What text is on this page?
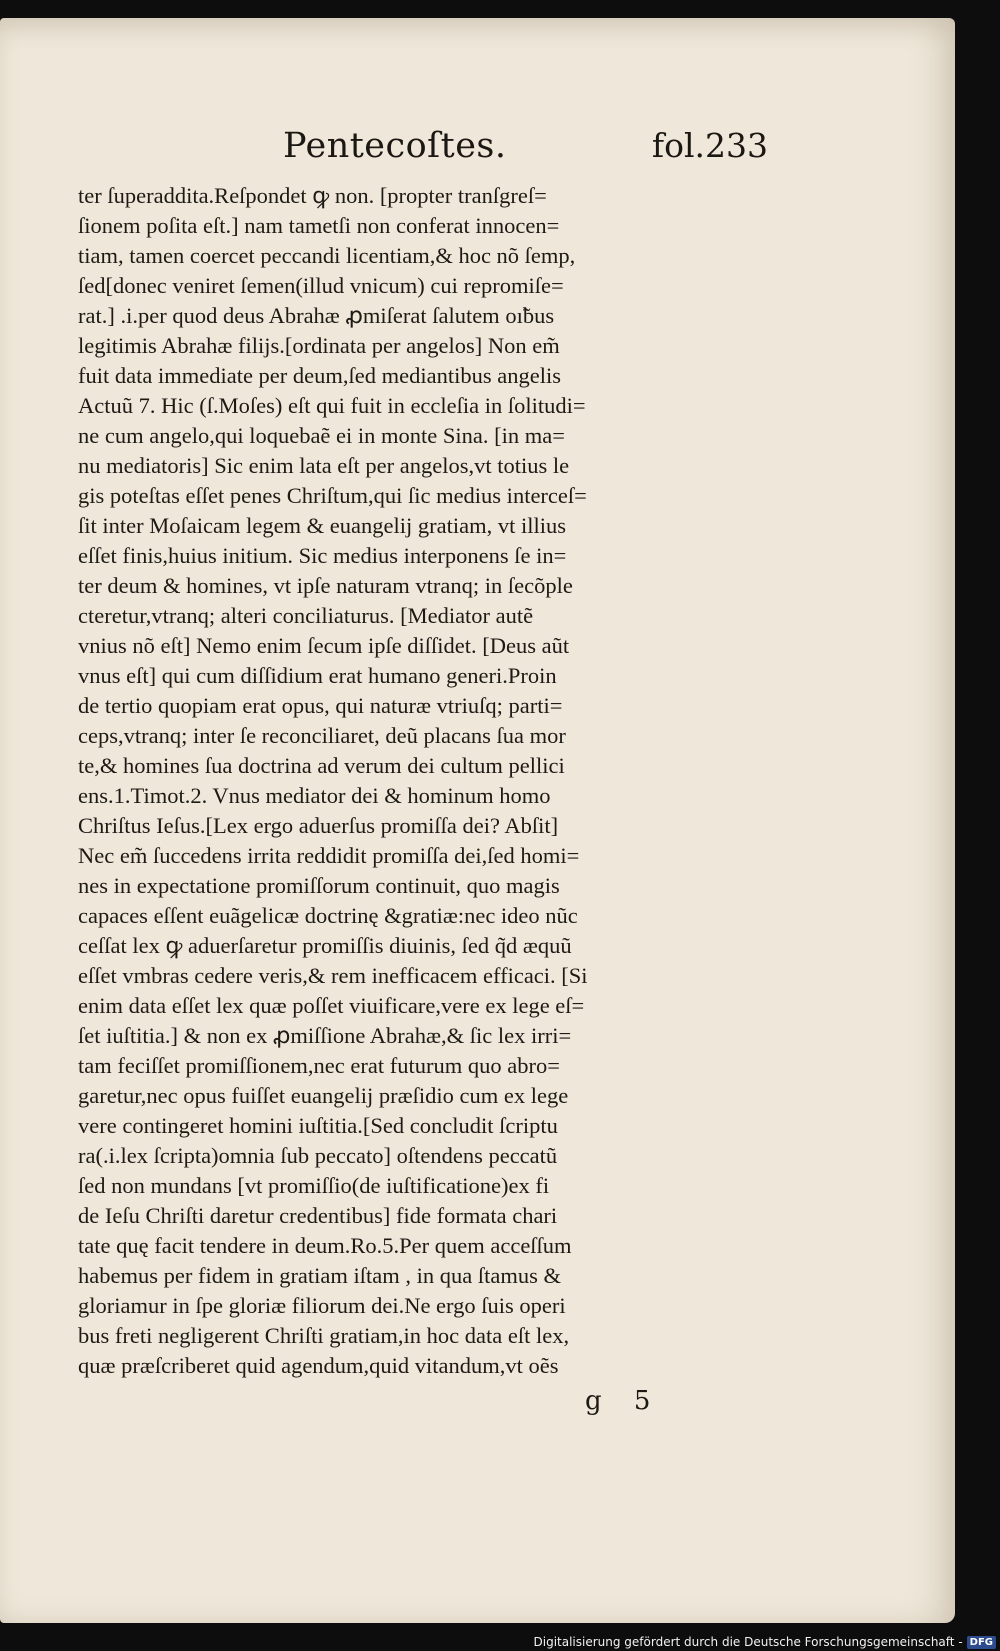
Pentecoſtes.	fol.233
ter ſuperaddita.Reſpondet ꝙ non. [propter tranſgreſ=
ſionem poſita eſt.] nam tametſi non conferat innocen=
tiam, tamen coercet peccandi licentiam,& hoc nõ ſemp,
ſed[donec veniret ſemen(illud vnicum) cui repromiſe=
rat.] .i.per quod deus Abrahæ ꝓmiſerat ſalutem oı̃bus
legitimis Abrahæ filijs.[ordinata per angelos] Non em̃
fuit data immediate per deum,ſed mediantibus angelis
Actuũ 7. Hic (ſ.Moſes) eſt qui fuit in eccleſia in ſolitudi=
ne cum angelo,qui loquebaẽ ei in monte Sina. [in ma=
nu mediatoris] Sic enim lata eſt per angelos,vt totius le
gis poteſtas eſſet penes Chriſtum,qui ſic medius interceſ=
ſit inter Moſaicam legem & euangelij gratiam, vt illius
eſſet finis,huius initium. Sic medius interponens ſe in=
ter deum & homines, vt ipſe naturam vtranq; in ſecõple
cteretur,vtranq; alteri conciliaturus. [Mediator autẽ
vnius nõ eſt] Nemo enim ſecum ipſe diſſidet. [Deus aũt
vnus eſt] qui cum diſſidium erat humano generi.Proin
de tertio quopiam erat opus, qui naturæ vtriuſq; parti=
ceps,vtranq; inter ſe reconciliaret, deũ placans ſua mor
te,& homines ſua doctrina ad verum dei cultum pellici
ens.1.Timot.2. Vnus mediator dei & hominum homo
Chriſtus Ieſus.[Lex ergo aduerſus promiſſa dei? Abſit]
Nec em̃ ſuccedens irrita reddidit promiſſa dei,ſed homi=
nes in expectatione promiſſorum continuit, quo magis
capaces eſſent euãgelicæ doctrinę &gratiæ:nec ideo nũc
ceſſat lex ꝙ aduerſaretur promiſſis diuinis, ſed q̃d æquũ
eſſet vmbras cedere veris,& rem inefficacem efficaci. [Si
enim data eſſet lex quæ poſſet viuificare,vere ex lege eſ=
ſet iuſtitia.] & non ex ꝓmiſſione Abrahæ,& ſic lex irri=
tam feciſſet promiſſionem,nec erat futurum quo abro=
garetur,nec opus fuiſſet euangelij præſidio cum ex lege
vere contingeret homini iuſtitia.[Sed concludit ſcriptu
ra(.i.lex ſcripta)omnia ſub peccato] oſtendens peccatũ
ſed non mundans [vt promiſſio(de iuſtificatione)ex fi
de Ieſu Chriſti daretur credentibus] fide formata chari
tate quę facit tendere in deum.Ro.5.Per quem acceſſum
habemus per fidem in gratiam iſtam , in qua ſtamus &
gloriamur in ſpe gloriæ filiorum dei.Ne ergo ſuis operi
bus freti negligerent Chriſti gratiam,in hoc data eſt lex,
quæ præſcriberet quid agendum,quid vitandum,vt oẽs
g 5
Digitalisierung gefördert durch die Deutsche Forschungsgemeinschaft - DFG
